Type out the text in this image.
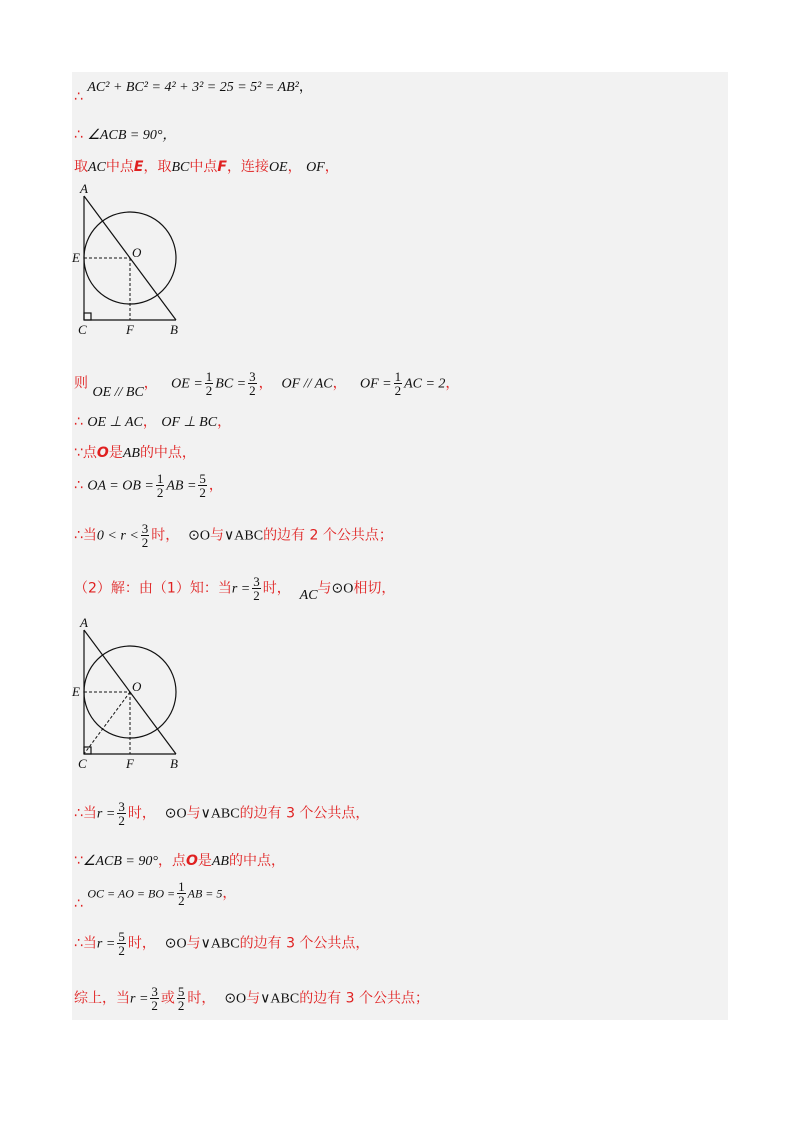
∴ AC² + BC² = 4² + 3² = 25 = 5² = AB²，
∴ ∠ACB = 90°，
取AC中点E，取BC中点F，连接OE， OF，
A
E	O
C	F	B
则 OE // BC， OE = $\frac{1}{2}$ BC = $\frac{3}{2}$ ， OF // AC， OF = $\frac{1}{2}$ AC = 2，
∴ OE ⊥ AC， OF ⊥ BC，
∵点O是AB的中点，
∴ OA = OB = $\frac{1}{2}$ AB = $\frac{5}{2}$ ，
∴当$0 < r < \frac{3}{2}$ 时， ⊙O与∨ABC的边有 2 个公共点；
（2）解：由（1）知：当$r = \frac{3}{2}$ 时， AC与⊙O相切，
A
E	O
C	F	B
∴当$r = \frac{3}{2}$ 时， ⊙O与∨ABC的边有 3 个公共点，
∵∠ACB = 90°，点O是AB的中点，
∴ OC = AO = BO = $\frac{1}{2}$ AB = 5，
∴当$r = \frac{5}{2}$ 时， ⊙O与∨ABC的边有 3 个公共点，
综上，当$r = \frac{3}{2}$ 或 $\frac{5}{2}$ 时， ⊙O与∨ABC的边有 3 个公共点；
